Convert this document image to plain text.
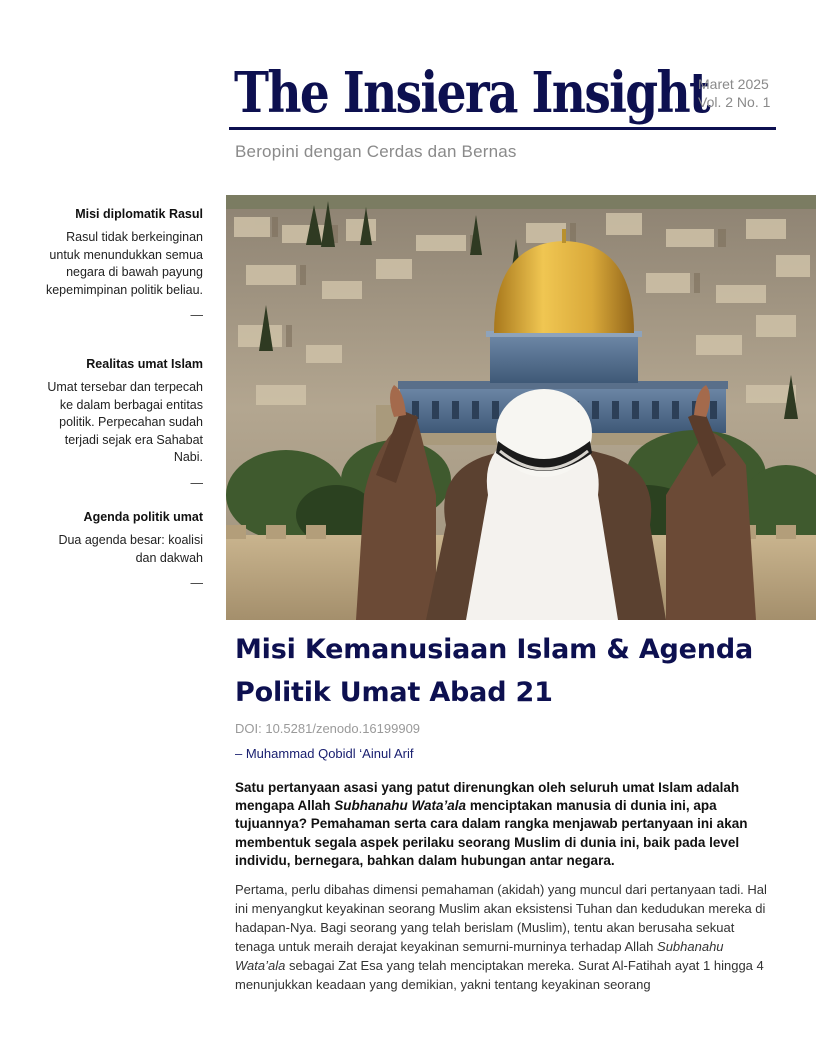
The Insiera Insight
Maret 2025
Vol. 2 No. 1
Beropini dengan Cerdas dan Bernas
Misi diplomatik Rasul

Rasul tidak berkeinginan untuk menundukkan semua negara di bawah payung kepemimpinan politik beliau.

—
Realitas umat Islam

Umat tersebar dan terpecah ke dalam berbagai entitas politik. Perpecahan sudah terjadi sejak era Sahabat Nabi.

—
Agenda politik umat

Dua agenda besar: koalisi dan dakwah

—
Misi Kemanusiaan Islam & Agenda Politik Umat Abad 21
DOI: 10.5281/zenodo.16199909
– Muhammad Qobidl ‘Ainul Arif

Satu pertanyaan asasi yang patut direnungkan oleh seluruh umat Islam adalah mengapa Allah Subhanahu Wata’ala menciptakan manusia di dunia ini, apa tujuannya? Pemahaman serta cara dalam rangka menjawab pertanyaan ini akan membentuk segala aspek perilaku seorang Muslim di dunia ini, baik pada level individu, bernegara, bahkan dalam hubungan antar negara.

Pertama, perlu dibahas dimensi pemahaman (akidah) yang muncul dari pertanyaan tadi. Hal ini menyangkut keyakinan seorang Muslim akan eksistensi Tuhan dan kedudukan mereka di hadapan-Nya. Bagi seorang yang telah berislam (Muslim), tentu akan berusaha sekuat tenaga untuk meraih derajat keyakinan semurni-murninya terhadap Allah Subhanahu Wata’ala sebagai Zat Esa yang telah menciptakan mereka. Surat Al-Fatihah ayat 1 hingga 4 menunjukkan keadaan yang demikian, yakni tentang keyakinan seorang
